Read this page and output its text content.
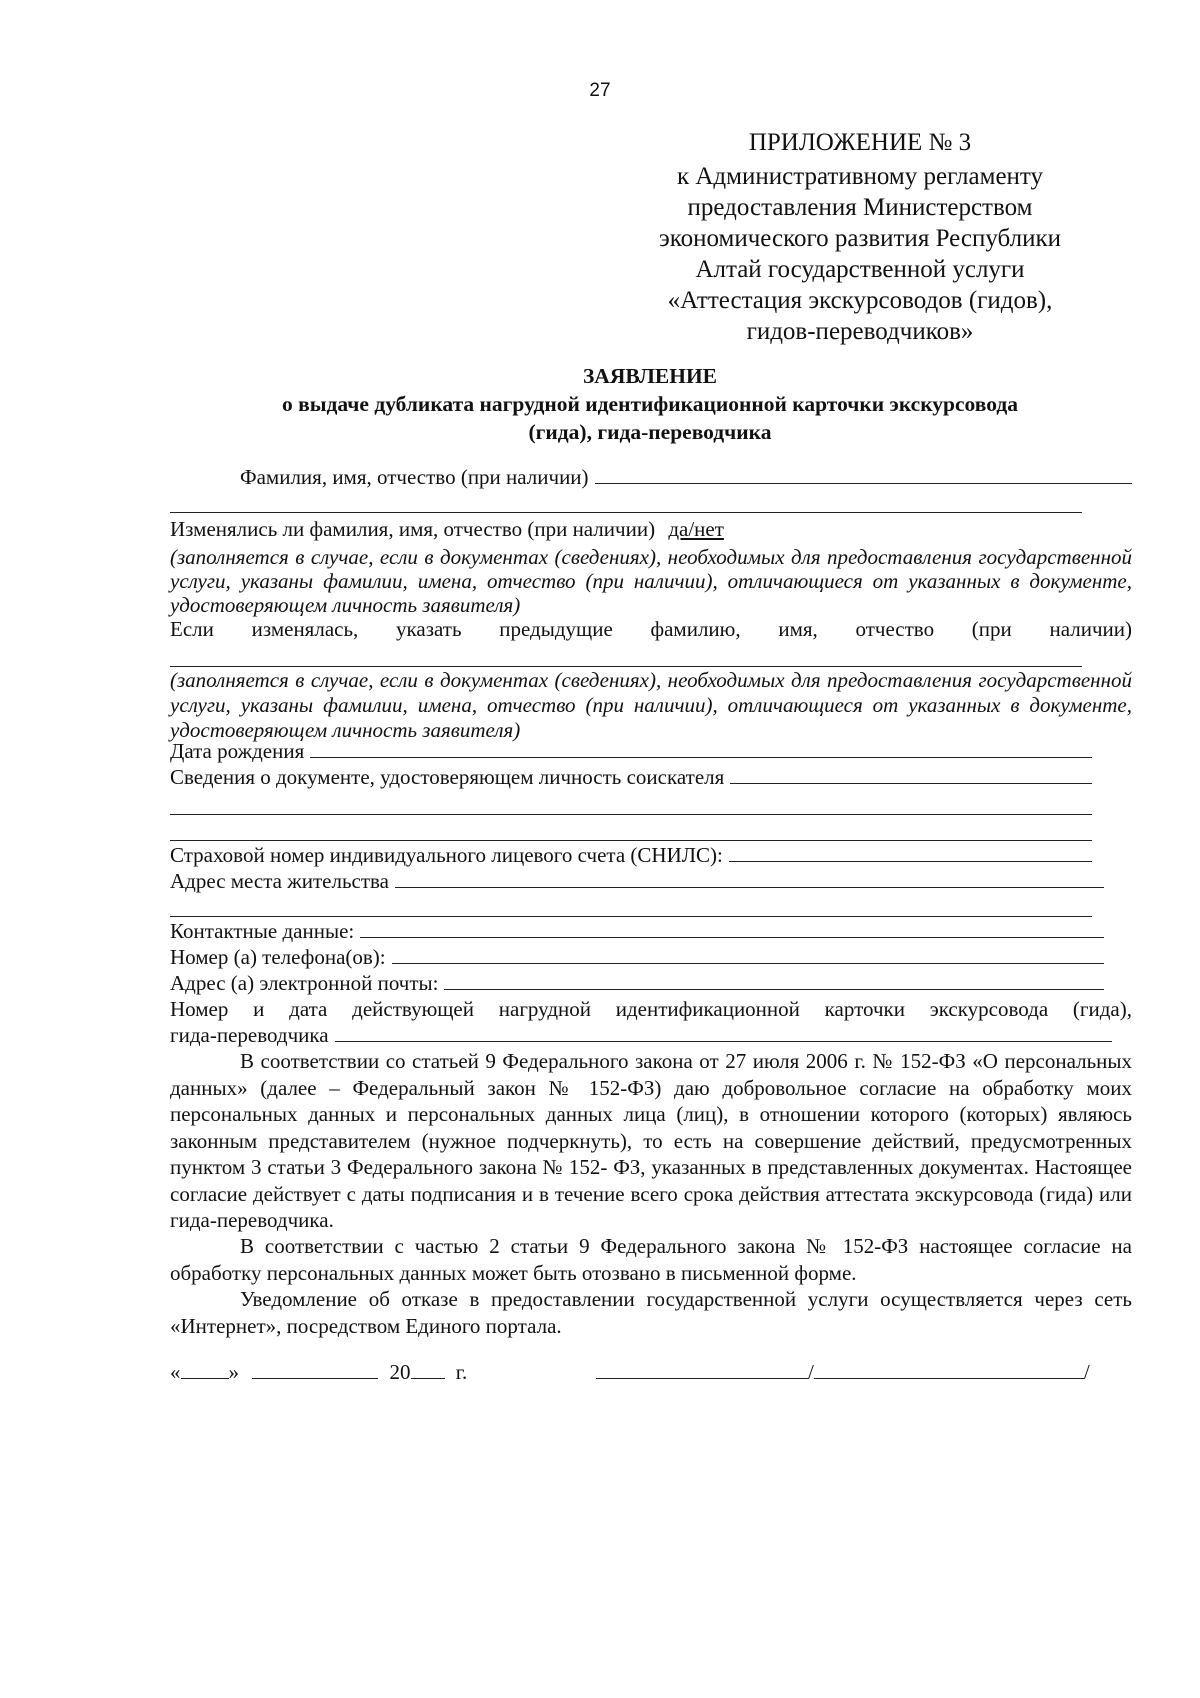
27
ПРИЛОЖЕНИЕ № 3
к Административному регламенту
предоставления Министерством
экономического развития Республики
Алтай государственной услуги
«Аттестация экскурсоводов (гидов),
гидов-переводчиков»
ЗАЯВЛЕНИЕ
о выдаче дубликата нагрудной идентификационной карточки экскурсовода
(гида), гида-переводчика
Фамилия, имя, отчество (при наличии)
Изменялись ли фамилия, имя, отчество (при наличии) да/нет
(заполняется в случае, если в документах (сведениях), необходимых для предоставления государственной услуги, указаны фамилии, имена, отчество (при наличии), отличающиеся от указанных в документе, удостоверяющем личность заявителя)
Если изменялась, указать предыдущие фамилию, имя, отчество (при наличии)
(заполняется в случае, если в документах (сведениях), необходимых для предоставления государственной услуги, указаны фамилии, имена, отчество (при наличии), отличающиеся от указанных в документе, удостоверяющем личность заявителя)
Дата рождения
Сведения о документе, удостоверяющем личность соискателя
Страховой номер индивидуального лицевого счета (СНИЛС):
Адрес места жительства
Контактные данные:
Номер (а) телефона(ов):
Адрес (а) электронной почты:
Номер и дата действующей нагрудной идентификационной карточки экскурсовода (гида),
гида-переводчика
В соответствии со статьей 9 Федерального закона от 27 июля 2006 г. № 152-ФЗ «О персональных данных» (далее – Федеральный закон № 152-ФЗ) даю добровольное согласие на обработку моих персональных данных и персональных данных лица (лиц), в отношении которого (которых) являюсь законным представителем (нужное подчеркнуть), то есть на совершение действий, предусмотренных пунктом 3 статьи 3 Федерального закона № 152- ФЗ, указанных в представленных документах. Настоящее согласие действует с даты подписания и в течение всего срока действия аттестата экскурсовода (гида) или гида-переводчика.
В соответствии с частью 2 статьи 9 Федерального закона № 152-ФЗ настоящее согласие на обработку персональных данных может быть отозвано в письменной форме.
Уведомление об отказе в предоставлении государственной услуги осуществляется через сеть «Интернет», посредством Единого портала.
« »	20 г.	/	/
